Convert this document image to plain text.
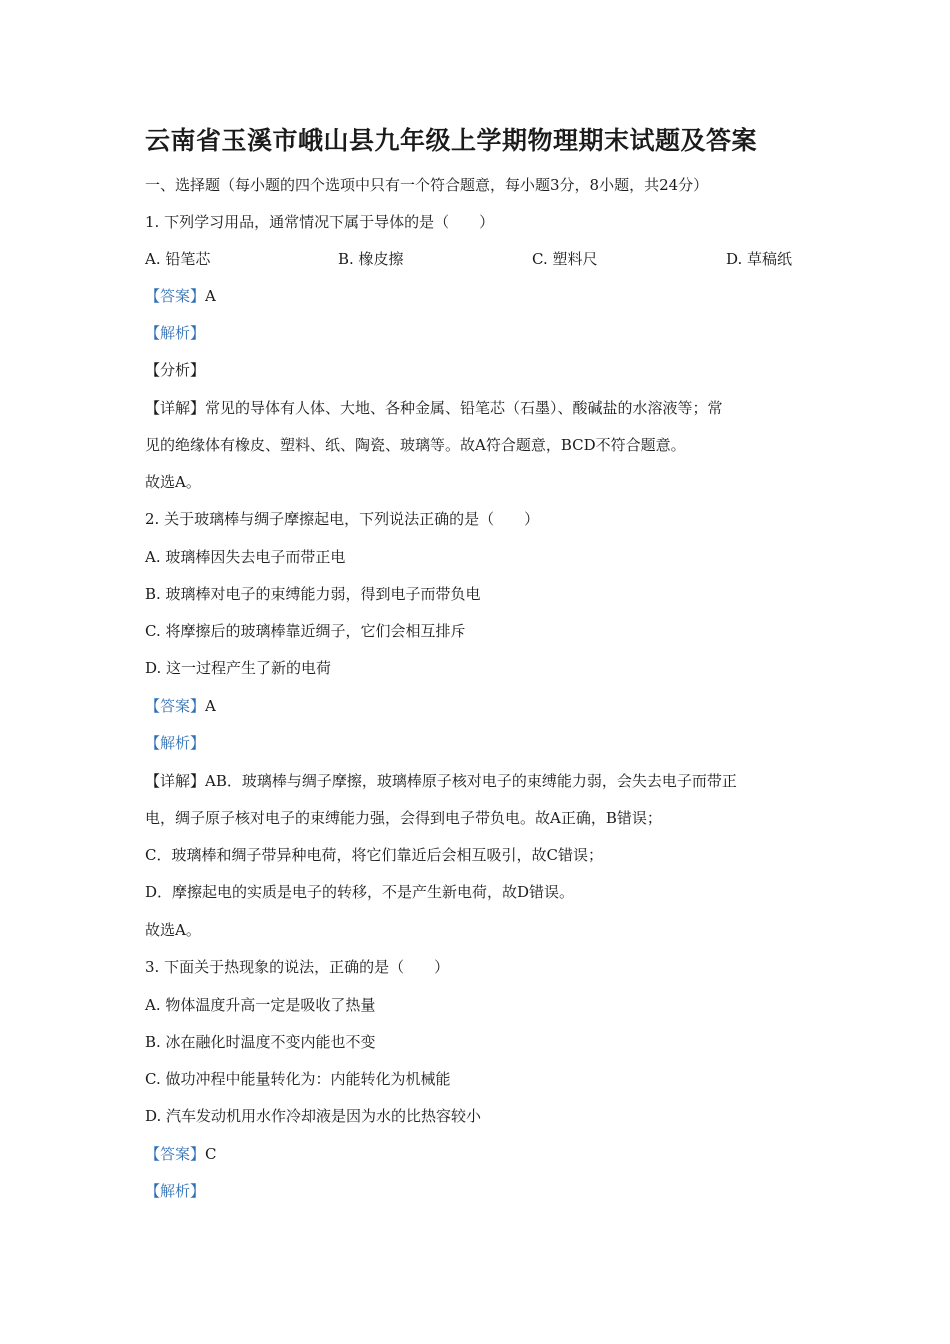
云南省玉溪市峨山县九年级上学期物理期末试题及答案
一、选择题（每小题的四个选项中只有一个符合题意，每小题3分，8小题，共24分）
1. 下列学习用品，通常情况下属于导体的是（　　）
A. 铅笔芯	B. 橡皮擦	C. 塑料尺	D. 草稿纸
【答案】A
【解析】
【分析】
【详解】常见的导体有人体、大地、各种金属、铅笔芯（石墨）、酸碱盐的水溶液等；常
见的绝缘体有橡皮、塑料、纸、陶瓷、玻璃等。故A符合题意，BCD不符合题意。
故选A。
2. 关于玻璃棒与绸子摩擦起电，下列说法正确的是（　　）
A. 玻璃棒因失去电子而带正电
B. 玻璃棒对电子的束缚能力弱，得到电子而带负电
C. 将摩擦后的玻璃棒靠近绸子，它们会相互排斥
D. 这一过程产生了新的电荷
【答案】A
【解析】
【详解】AB．玻璃棒与绸子摩擦，玻璃棒原子核对电子的束缚能力弱，会失去电子而带正
电，绸子原子核对电子的束缚能力强，会得到电子带负电。故A正确，B错误；
C．玻璃棒和绸子带异种电荷，将它们靠近后会相互吸引，故C错误；
D．摩擦起电的实质是电子的转移，不是产生新电荷，故D错误。
故选A。
3. 下面关于热现象的说法，正确的是（　　）
A. 物体温度升高一定是吸收了热量
B. 冰在融化时温度不变内能也不变
C. 做功冲程中能量转化为：内能转化为机械能
D. 汽车发动机用水作冷却液是因为水的比热容较小
【答案】C
【解析】
